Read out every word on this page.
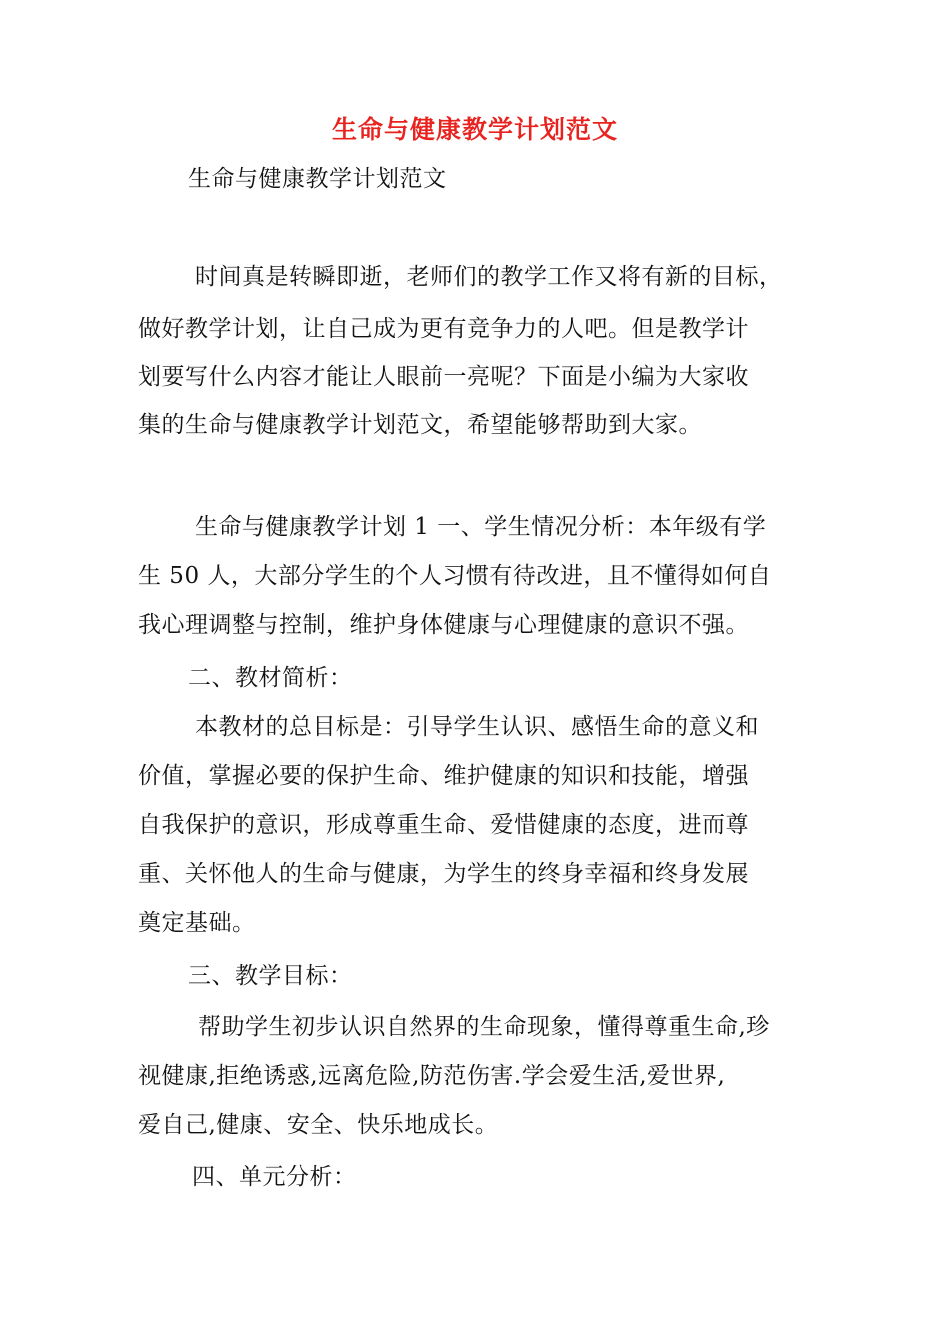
生命与健康教学计划范文
生命与健康教学计划范文
时间真是转瞬即逝，老师们的教学工作又将有新的目标，
做好教学计划，让自己成为更有竞争力的人吧。但是教学计
划要写什么内容才能让人眼前一亮呢？下面是小编为大家收
集的生命与健康教学计划范文，希望能够帮助到大家。
生命与健康教学计划 1 一、学生情况分析：本年级有学
生 50 人，大部分学生的个人习惯有待改进，且不懂得如何自
我心理调整与控制，维护身体健康与心理健康的意识不强。
二、教材简析：
本教材的总目标是：引导学生认识、感悟生命的意义和
价值，掌握必要的保护生命、维护健康的知识和技能，增强
自我保护的意识，形成尊重生命、爱惜健康的态度，进而尊
重、关怀他人的生命与健康，为学生的终身幸福和终身发展
奠定基础。
三、教学目标：
帮助学生初步认识自然界的生命现象，懂得尊重生命,珍
视健康,拒绝诱惑,远离危险,防范伤害.学会爱生活,爱世界,
爱自己,健康、安全、快乐地成长。
四、单元分析：
